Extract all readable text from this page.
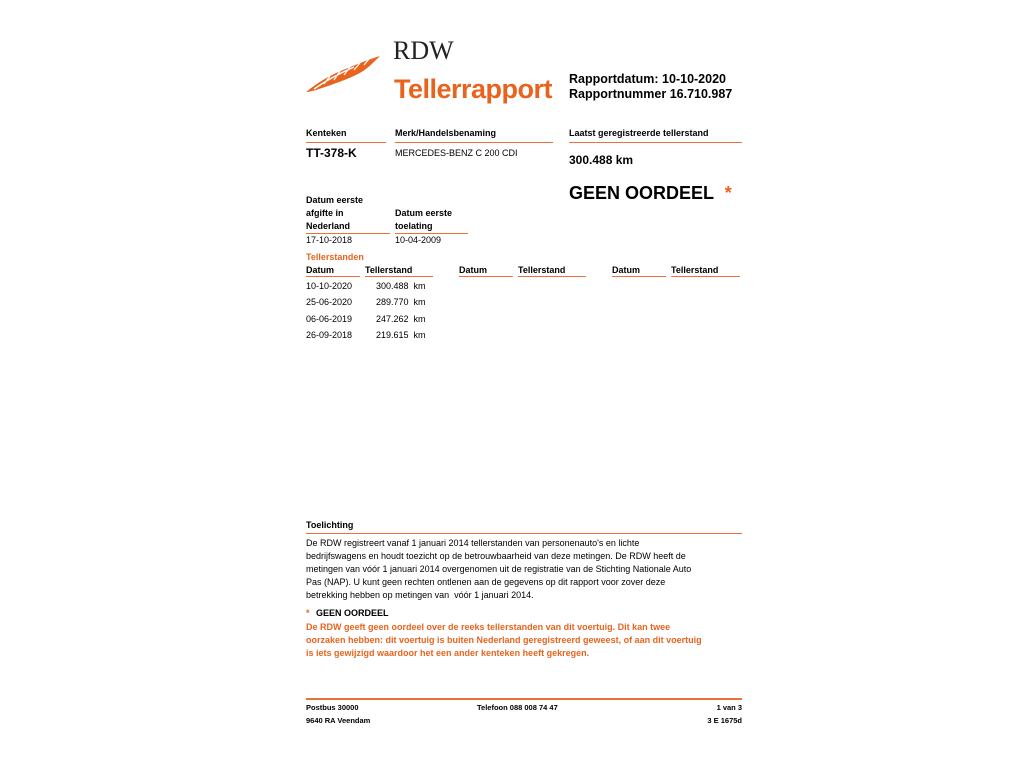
RDW
Tellerrapport Rapportdatum: 10-10-2020
Rapportnummer 16.710.987
Kenteken
TT-378-K
Merk/Handelsbenaming
MERCEDES-BENZ C 200 CDI
Laatst geregistreerde tellerstand
300.488 km
GEEN OORDEEL *
Datum eerste
afgifte in
Nederland
17-10-2018
Datum eerste
toelating
10-04-2009
Tellerstanden
Datum	Tellerstand	Datum	Tellerstand	Datum	Tellerstand
10-10-2020	300.488  km
25-06-2020	289.770  km
06-06-2019	247.262  km
26-09-2018	219.615  km
Toelichting
De RDW registreert vanaf 1 januari 2014 tellerstanden van personenauto's en lichte
bedrijfswagens en houdt toezicht op de betrouwbaarheid van deze metingen. De RDW heeft de
metingen van vóór 1 januari 2014 overgenomen uit de registratie van de Stichting Nationale Auto
Pas (NAP). U kunt geen rechten ontlenen aan de gegevens op dit rapport voor zover deze
betrekking hebben op metingen van  vóór 1 januari 2014.
* GEEN OORDEEL
De RDW geeft geen oordeel over de reeks tellerstanden van dit voertuig. Dit kan twee
oorzaken hebben: dit voertuig is buiten Nederland geregistreerd geweest, of aan dit voertuig
is iets gewijzigd waardoor het een ander kenteken heeft gekregen.
Postbus 30000
9640 RA Veendam
Telefoon 088 008 74 47	1 van 3
3 E 1675d
